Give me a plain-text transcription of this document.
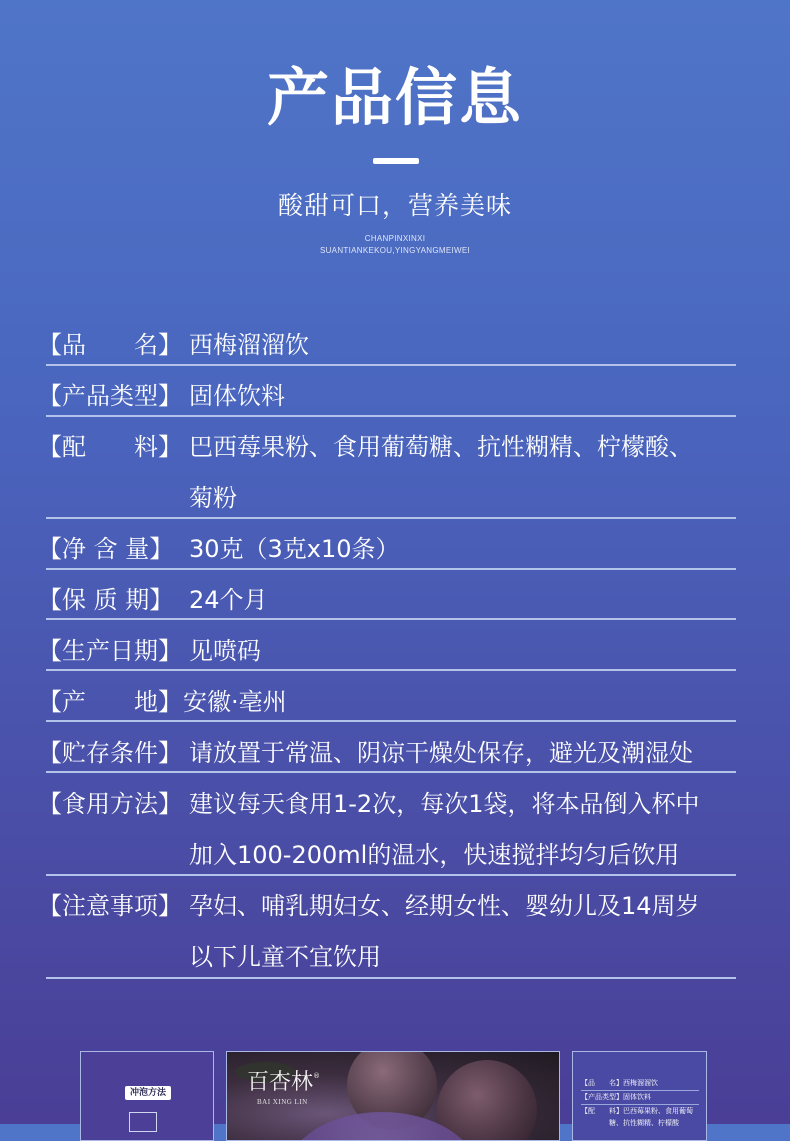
产品信息
酸甜可口，营养美味
CHANPINXINXI
SUANTIANKEKOU,YINGYANGMEIWEI
【品　　名】 西梅溜溜饮
【产品类型】 固体饮料
【配　　料】 巴西莓果粉、食用葡萄糖、抗性糊精、柠檬酸、
菊粉
【净 含 量】 30克（3克x10条）
【保 质 期】 24个月
【生产日期】 见喷码
【产　　地】 安徽·亳州
【贮存条件】 请放置于常温、阴凉干燥处保存，避光及潮湿处
【食用方法】 建议每天食用1-2次，每次1袋，将本品倒入杯中
加入100-200ml的温水，快速搅拌均匀后饮用
【注意事项】 孕妇、哺乳期妇女、经期女性、婴幼儿及14周岁
以下儿童不宜饮用
冲泡方法	百杏林 ®
BAI XING LIN
【品　　名】西梅溜溜饮
【产品类型】固体饮料
【配　　料】巴西莓果粉、食用葡萄
　　　　糖、抗性糊精、柠檬酸
